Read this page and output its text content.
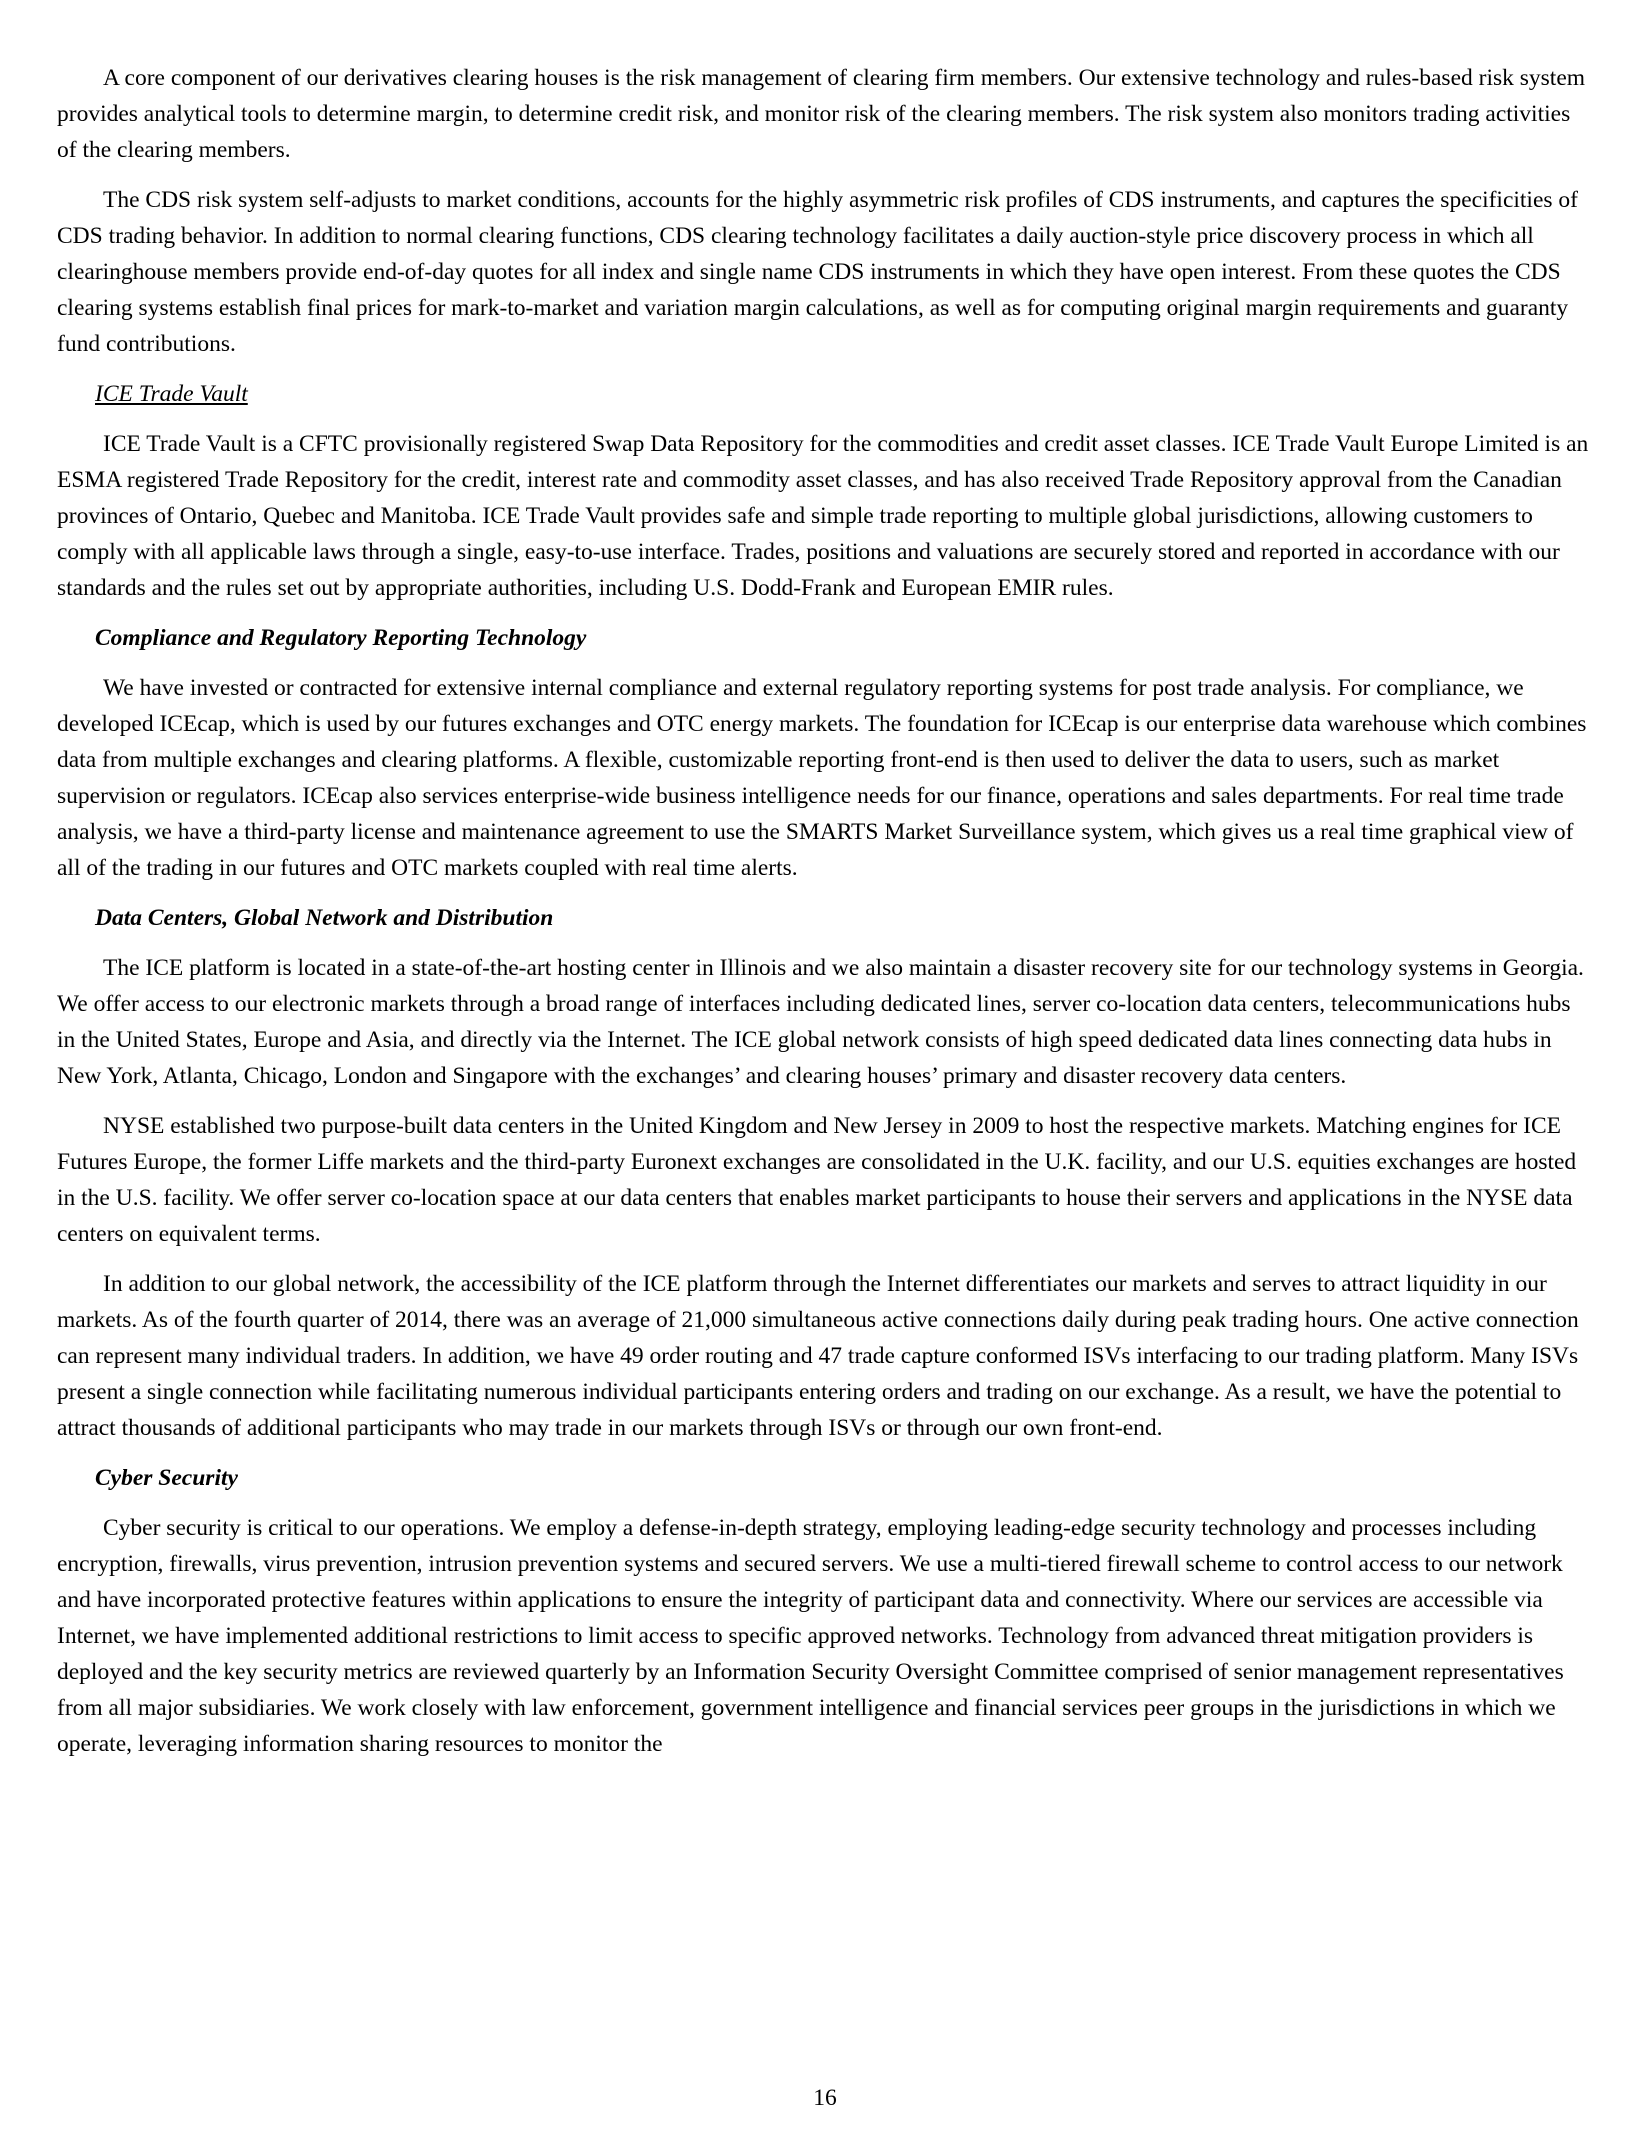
A core component of our derivatives clearing houses is the risk management of clearing firm members. Our extensive technology and rules-based risk system provides analytical tools to determine margin, to determine credit risk, and monitor risk of the clearing members. The risk system also monitors trading activities of the clearing members.
The CDS risk system self-adjusts to market conditions, accounts for the highly asymmetric risk profiles of CDS instruments, and captures the specificities of CDS trading behavior. In addition to normal clearing functions, CDS clearing technology facilitates a daily auction-style price discovery process in which all clearinghouse members provide end-of-day quotes for all index and single name CDS instruments in which they have open interest. From these quotes the CDS clearing systems establish final prices for mark-to-market and variation margin calculations, as well as for computing original margin requirements and guaranty fund contributions.
ICE Trade Vault
ICE Trade Vault is a CFTC provisionally registered Swap Data Repository for the commodities and credit asset classes. ICE Trade Vault Europe Limited is an ESMA registered Trade Repository for the credit, interest rate and commodity asset classes, and has also received Trade Repository approval from the Canadian provinces of Ontario, Quebec and Manitoba. ICE Trade Vault provides safe and simple trade reporting to multiple global jurisdictions, allowing customers to comply with all applicable laws through a single, easy-to-use interface. Trades, positions and valuations are securely stored and reported in accordance with our standards and the rules set out by appropriate authorities, including U.S. Dodd-Frank and European EMIR rules.
Compliance and Regulatory Reporting Technology
We have invested or contracted for extensive internal compliance and external regulatory reporting systems for post trade analysis. For compliance, we developed ICEcap, which is used by our futures exchanges and OTC energy markets. The foundation for ICEcap is our enterprise data warehouse which combines data from multiple exchanges and clearing platforms. A flexible, customizable reporting front-end is then used to deliver the data to users, such as market supervision or regulators. ICEcap also services enterprise-wide business intelligence needs for our finance, operations and sales departments. For real time trade analysis, we have a third-party license and maintenance agreement to use the SMARTS Market Surveillance system, which gives us a real time graphical view of all of the trading in our futures and OTC markets coupled with real time alerts.
Data Centers, Global Network and Distribution
The ICE platform is located in a state-of-the-art hosting center in Illinois and we also maintain a disaster recovery site for our technology systems in Georgia. We offer access to our electronic markets through a broad range of interfaces including dedicated lines, server co-location data centers, telecommunications hubs in the United States, Europe and Asia, and directly via the Internet. The ICE global network consists of high speed dedicated data lines connecting data hubs in New York, Atlanta, Chicago, London and Singapore with the exchanges’ and clearing houses’ primary and disaster recovery data centers.
NYSE established two purpose-built data centers in the United Kingdom and New Jersey in 2009 to host the respective markets. Matching engines for ICE Futures Europe, the former Liffe markets and the third-party Euronext exchanges are consolidated in the U.K. facility, and our U.S. equities exchanges are hosted in the U.S. facility. We offer server co-location space at our data centers that enables market participants to house their servers and applications in the NYSE data centers on equivalent terms.
In addition to our global network, the accessibility of the ICE platform through the Internet differentiates our markets and serves to attract liquidity in our markets. As of the fourth quarter of 2014, there was an average of 21,000 simultaneous active connections daily during peak trading hours. One active connection can represent many individual traders. In addition, we have 49 order routing and 47 trade capture conformed ISVs interfacing to our trading platform. Many ISVs present a single connection while facilitating numerous individual participants entering orders and trading on our exchange. As a result, we have the potential to attract thousands of additional participants who may trade in our markets through ISVs or through our own front-end.
Cyber Security
Cyber security is critical to our operations. We employ a defense-in-depth strategy, employing leading-edge security technology and processes including encryption, firewalls, virus prevention, intrusion prevention systems and secured servers. We use a multi-tiered firewall scheme to control access to our network and have incorporated protective features within applications to ensure the integrity of participant data and connectivity. Where our services are accessible via Internet, we have implemented additional restrictions to limit access to specific approved networks. Technology from advanced threat mitigation providers is deployed and the key security metrics are reviewed quarterly by an Information Security Oversight Committee comprised of senior management representatives from all major subsidiaries. We work closely with law enforcement, government intelligence and financial services peer groups in the jurisdictions in which we operate, leveraging information sharing resources to monitor the
16
